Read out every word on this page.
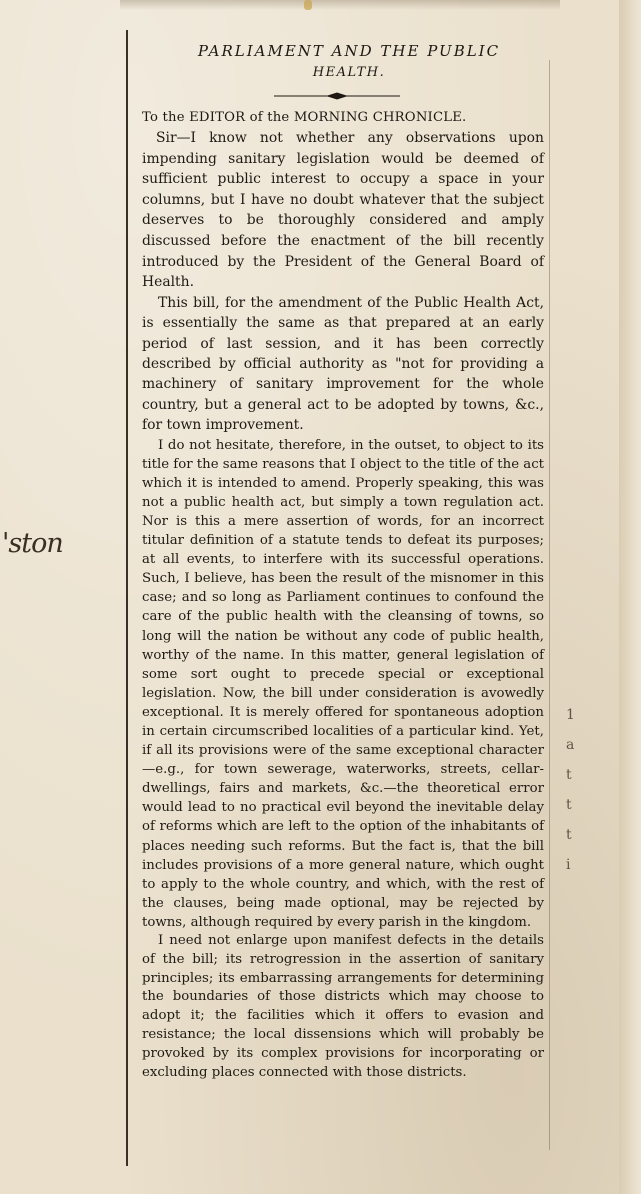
'ston
PARLIAMENT AND THE PUBLIC
HEALTH.
To the EDITOR of the MORNING CHRONICLE.

Sir—I know not whether any observations upon impending sanitary legislation would be deemed of sufficient public interest to occupy a space in your columns, but I have no doubt whatever that the subject deserves to be thoroughly considered and amply discussed before the enactment of the bill recently introduced by the President of the General Board of Health.

This bill, for the amendment of the Public Health Act, is essentially the same as that prepared at an early period of last session, and it has been correctly described by official authority as "not for providing a machinery of sanitary improvement for the whole country, but a general act to be adopted by towns, &c., for town improvement.

I do not hesitate, therefore, in the outset, to object to its title for the same reasons that I object to the title of the act which it is intended to amend. Properly speaking, this was not a public health act, but simply a town regulation act. Nor is this a mere assertion of words, for an incorrect titular definition of a statute tends to defeat its purposes; at all events, to interfere with its successful operations. Such, I believe, has been the result of the misnomer in this case; and so long as Parliament continues to confound the care of the public health with the cleansing of towns, so long will the nation be without any code of public health, worthy of the name. In this matter, general legislation of some sort ought to precede special or exceptional legislation. Now, the bill under consideration is avowedly exceptional. It is merely offered for spontaneous adoption in certain circumscribed localities of a particular kind. Yet, if all its provisions were of the same exceptional character—e.g., for town sewerage, waterworks, streets, cellar-dwellings, fairs and markets, &c.—the theoretical error would lead to no practical evil beyond the inevitable delay of reforms which are left to the option of the inhabitants of places needing such reforms. But the fact is, that the bill includes provisions of a more general nature, which ought to apply to the whole country, and which, with the rest of the clauses, being made optional, may be rejected by towns, although required by every parish in the kingdom.

I need not enlarge upon manifest defects in the details of the bill; its retrogression in the assertion of sanitary principles; its embarrassing arrangements for determining the boundaries of those districts which may choose to adopt it; the facilities which it offers to evasion and resistance; the local dissensions which will probably be provoked by its complex provisions for incorporating or excluding places connected with those districts.

1
a
t
t
t
i
